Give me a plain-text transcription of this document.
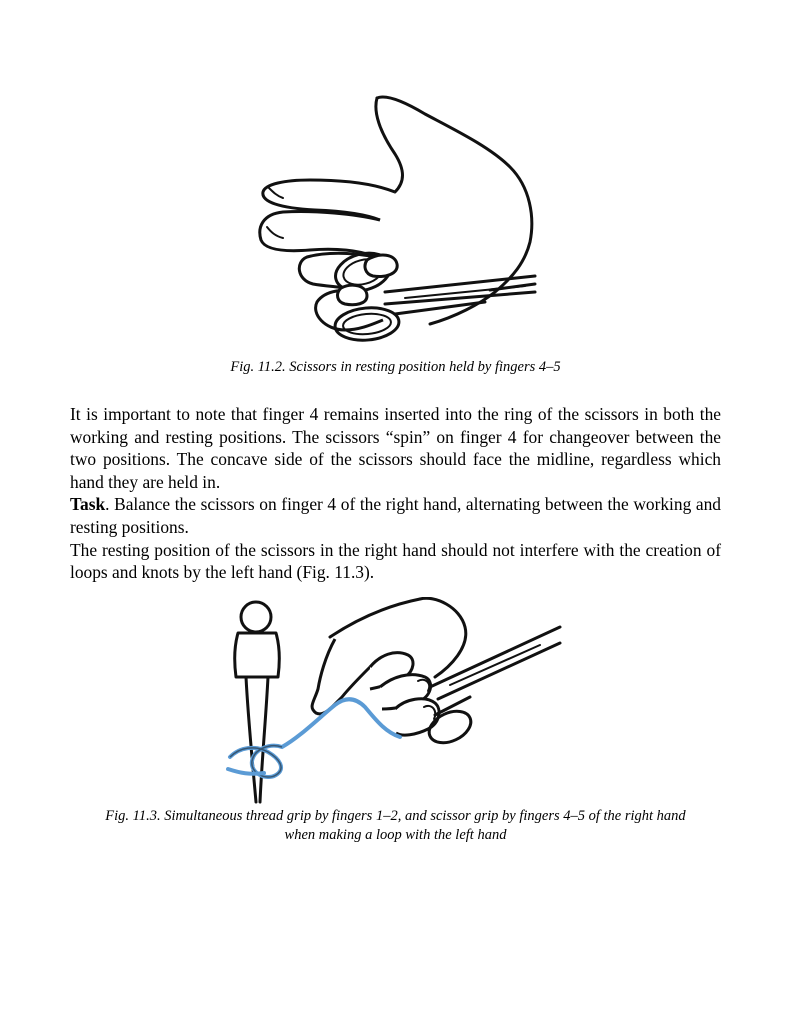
Fig. 11.2. Scissors in resting position held by fingers 4–5

It is important to note that finger 4 remains inserted into the ring of the scissors in both the working and resting positions. The scissors “spin” on finger 4 for changeover between the two positions. The concave side of the scissors should face the midline, regardless which hand they are held in.

Task. Balance the scissors on finger 4 of the right hand, alternating between the working and resting positions.

The resting position of the scissors in the right hand should not interfere with the creation of loops and knots by the left hand (Fig. 11.3).

Fig. 11.3. Simultaneous thread grip by fingers 1–2, and scissor grip by fingers 4–5 of the right hand
when making a loop with the left hand
